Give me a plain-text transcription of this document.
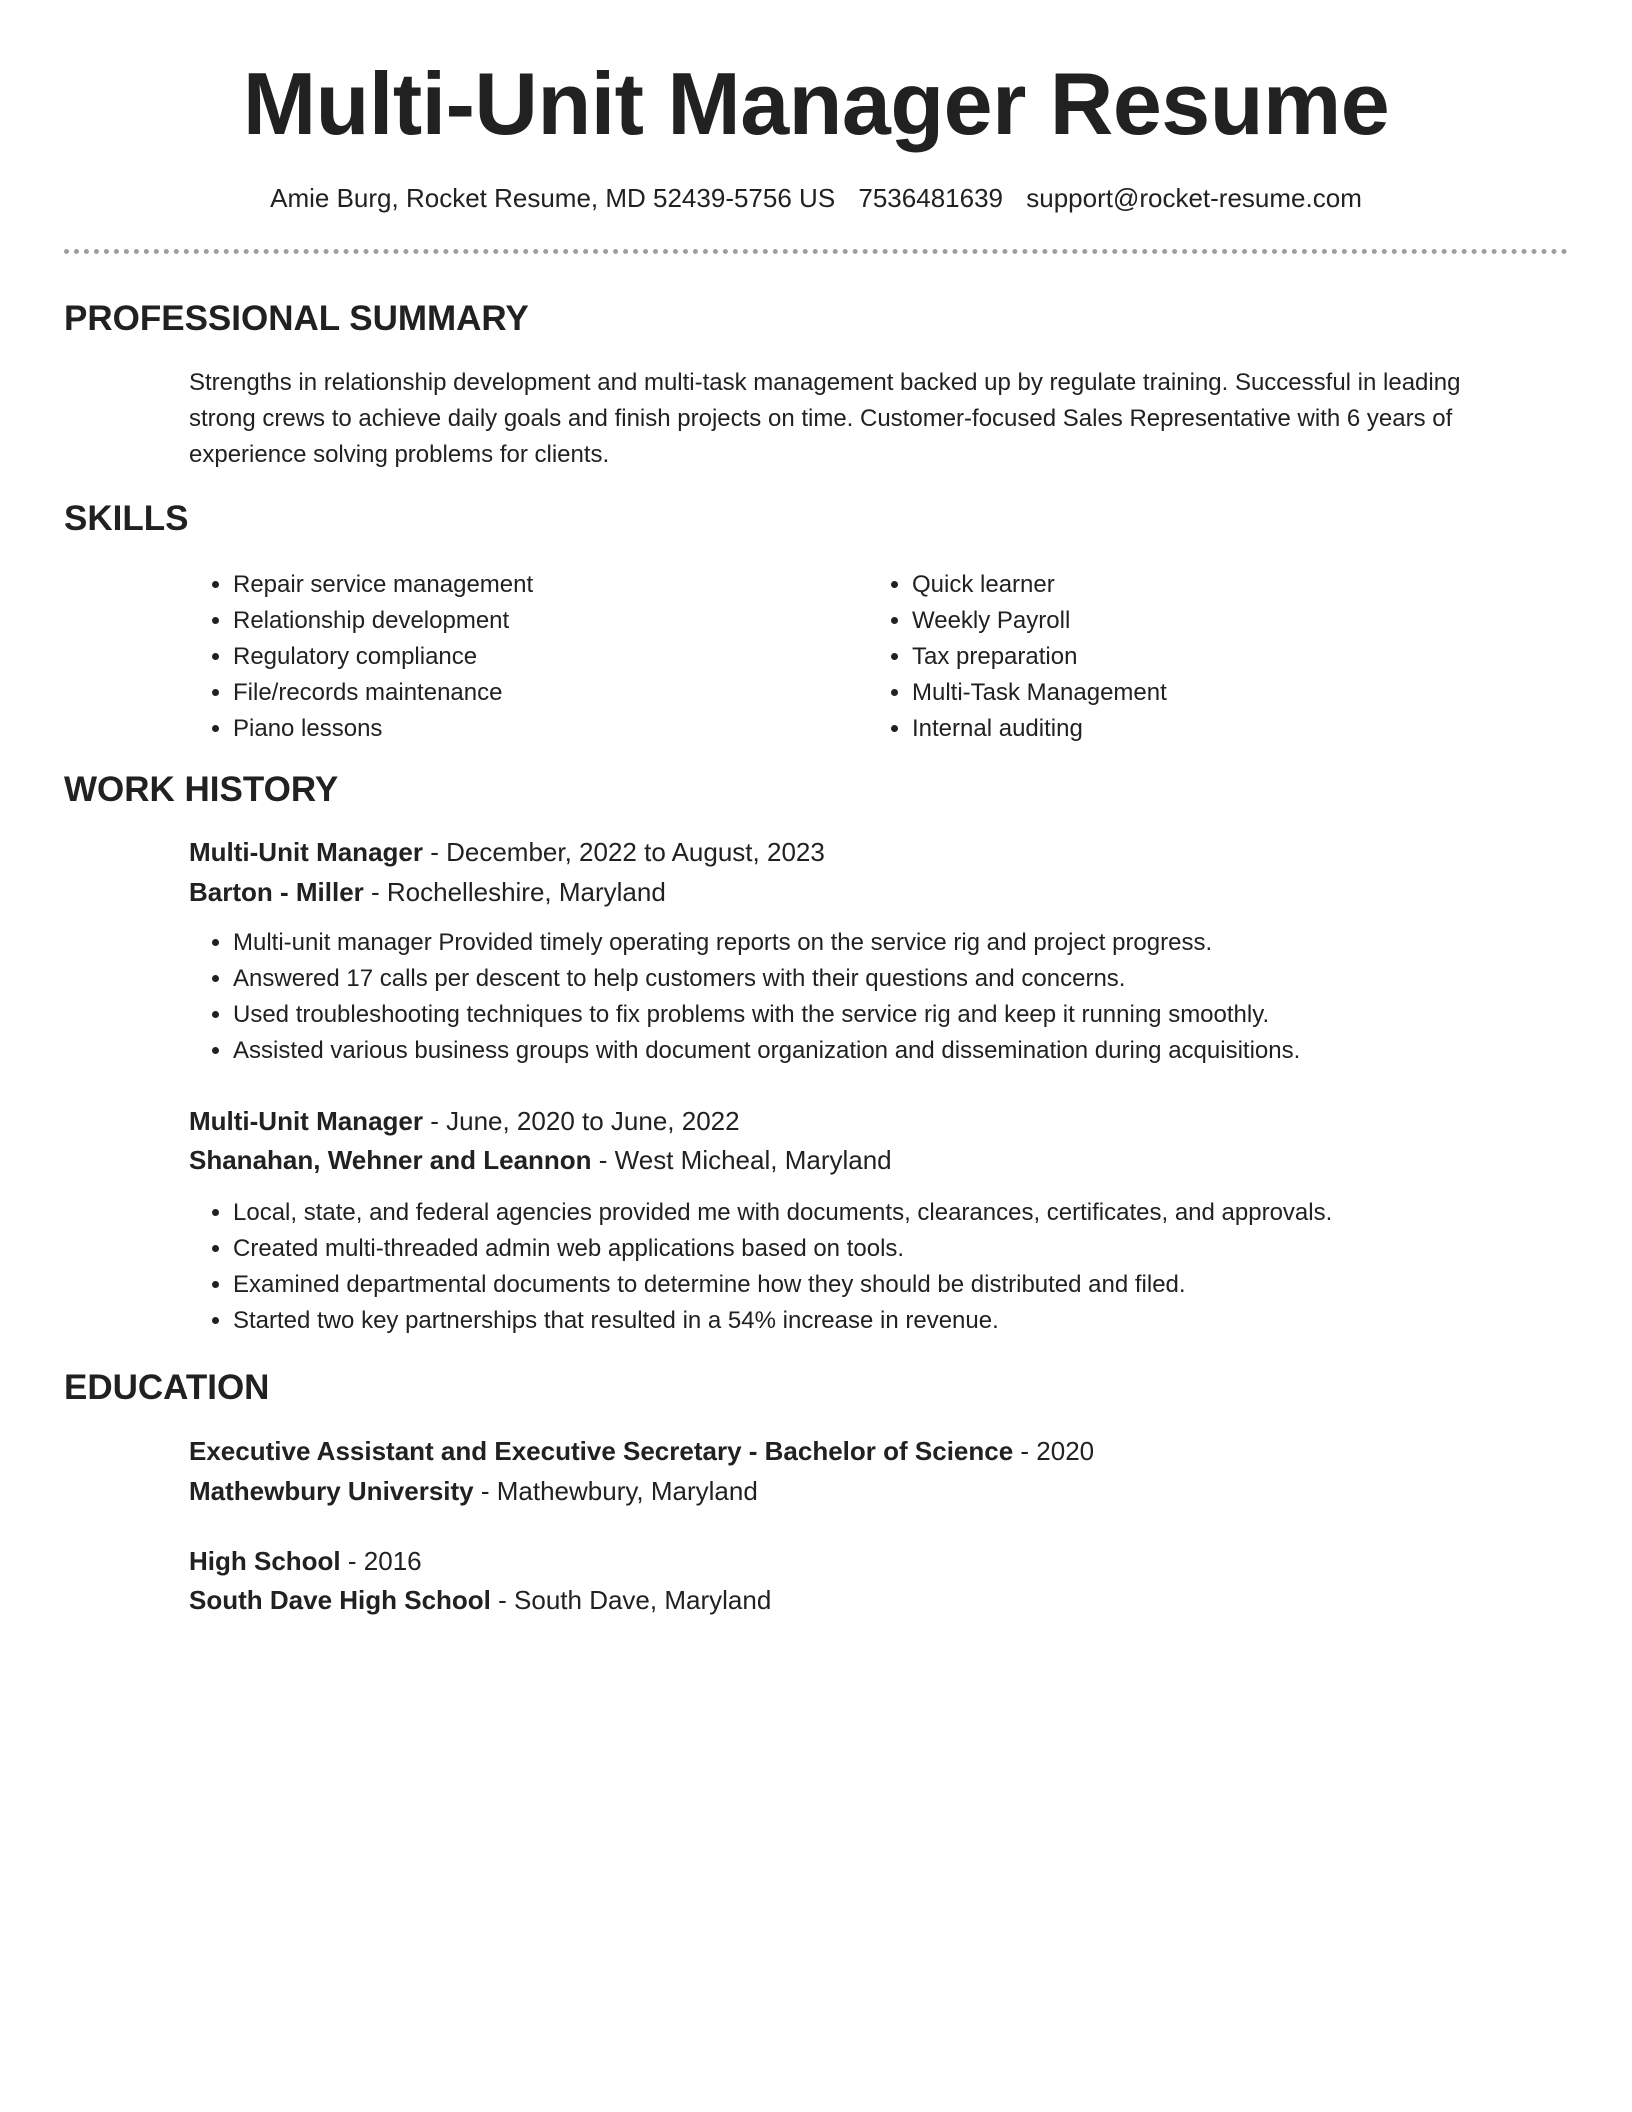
Multi-Unit Manager Resume
Amie Burg, Rocket Resume, MD 52439-5756 US 7536481639 support@rocket-resume.com
PROFESSIONAL SUMMARY
Strengths in relationship development and multi-task management backed up by regulate training. Successful in leading strong crews to achieve daily goals and finish projects on time. Customer-focused Sales Representative with 6 years of experience solving problems for clients.
SKILLS
• Repair service management
• Relationship development
• Regulatory compliance
• File/records maintenance
• Piano lessons
• Quick learner
• Weekly Payroll
• Tax preparation
• Multi-Task Management
• Internal auditing
WORK HISTORY
Multi-Unit Manager - December, 2022 to August, 2023
Barton - Miller - Rochelleshire, Maryland
• Multi-unit manager Provided timely operating reports on the service rig and project progress.
• Answered 17 calls per descent to help customers with their questions and concerns.
• Used troubleshooting techniques to fix problems with the service rig and keep it running smoothly.
• Assisted various business groups with document organization and dissemination during acquisitions.
Multi-Unit Manager - June, 2020 to June, 2022
Shanahan, Wehner and Leannon - West Micheal, Maryland
• Local, state, and federal agencies provided me with documents, clearances, certificates, and approvals.
• Created multi-threaded admin web applications based on tools.
• Examined departmental documents to determine how they should be distributed and filed.
• Started two key partnerships that resulted in a 54% increase in revenue.
EDUCATION
Executive Assistant and Executive Secretary - Bachelor of Science - 2020
Mathewbury University - Mathewbury, Maryland
High School - 2016
South Dave High School - South Dave, Maryland
